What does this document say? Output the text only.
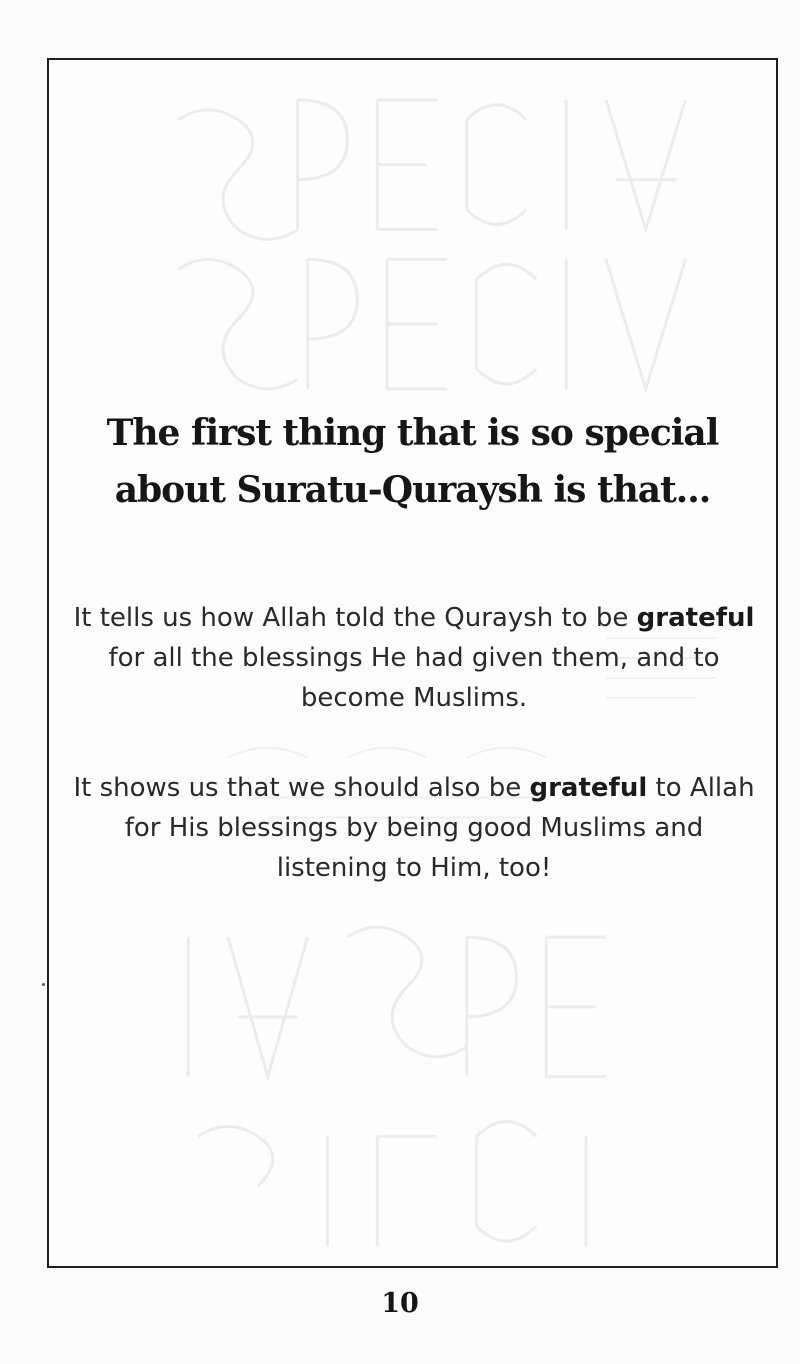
The first thing that is so special
about Suratu-Quraysh is that...

It tells us how Allah told the Quraysh to be grateful for all the blessings He had given them, and to become Muslims.

It shows us that we should also be grateful to Allah for His blessings by being good Muslims and listening to Him, too!

10
